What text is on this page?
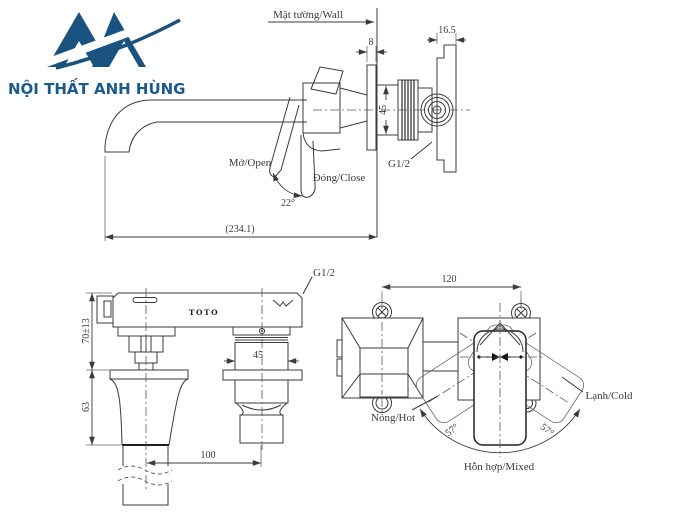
NỘI THẤT ANH HÙNG
Mặt tường/Wall
8
16.5
45
G1/2
Mở/Open
Đóng/Close
22°
(234.1)
TOTO
G1/2
70±13
63
45
100
57°	57°
120
Nóng/Hot
Lạnh/Cold
Hỗn hợp/Mixed
